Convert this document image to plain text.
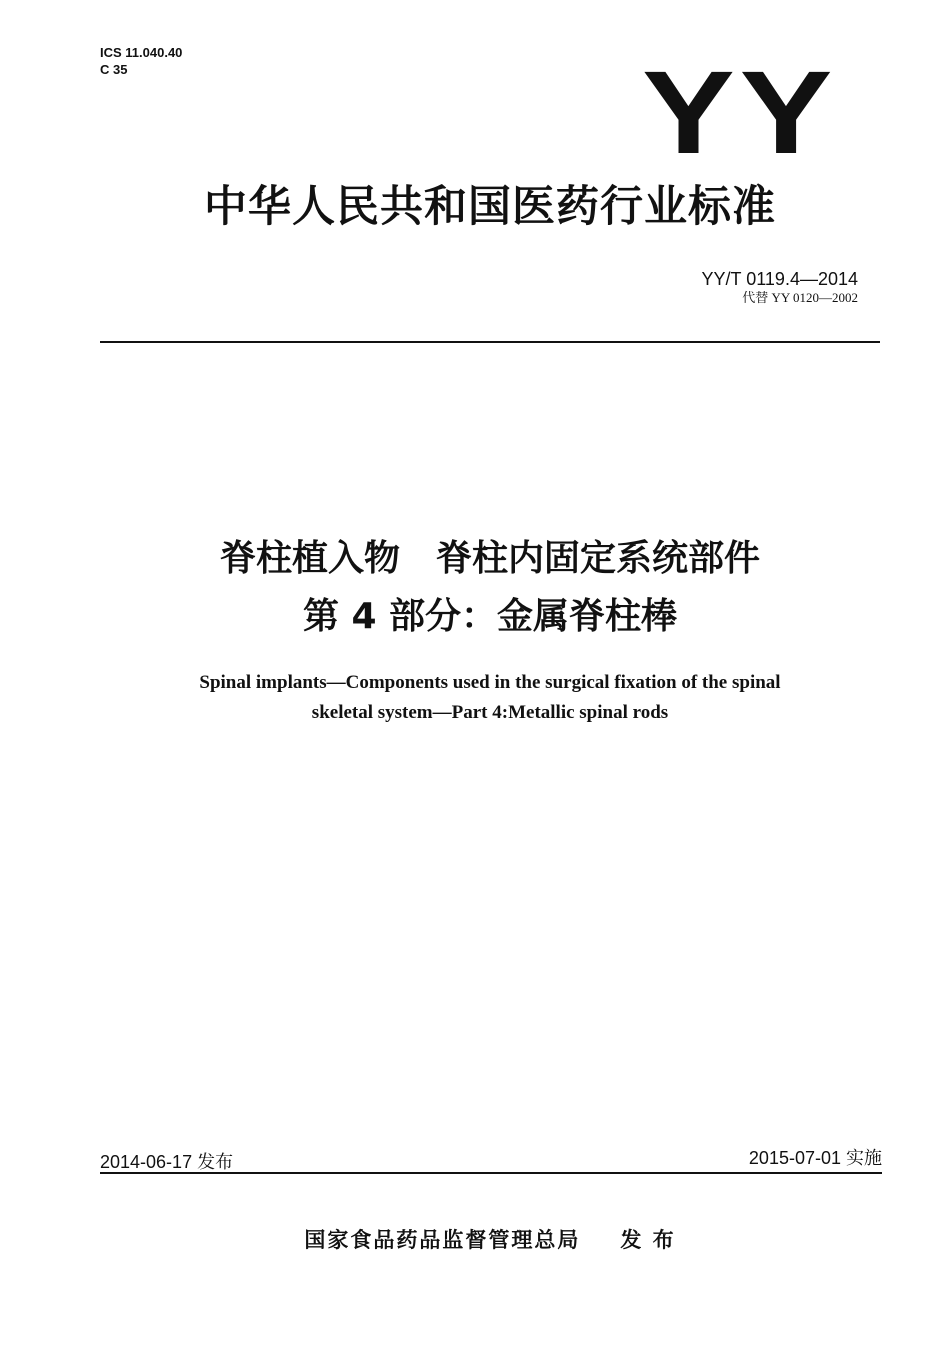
ICS 11.040.40
C 35	YY
中华人民共和国医药行业标准
YY/T 0119.4—2014
代替 YY 0120—2002
脊柱植入物　脊柱内固定系统部件
第 4 部分：金属脊柱棒
Spinal implants—Components used in the surgical fixation of the spinal
skeletal system—Part 4:Metallic spinal rods
2014-06-17 发布	2015-07-01 实施
国家食品药品监督管理总局 发 布
